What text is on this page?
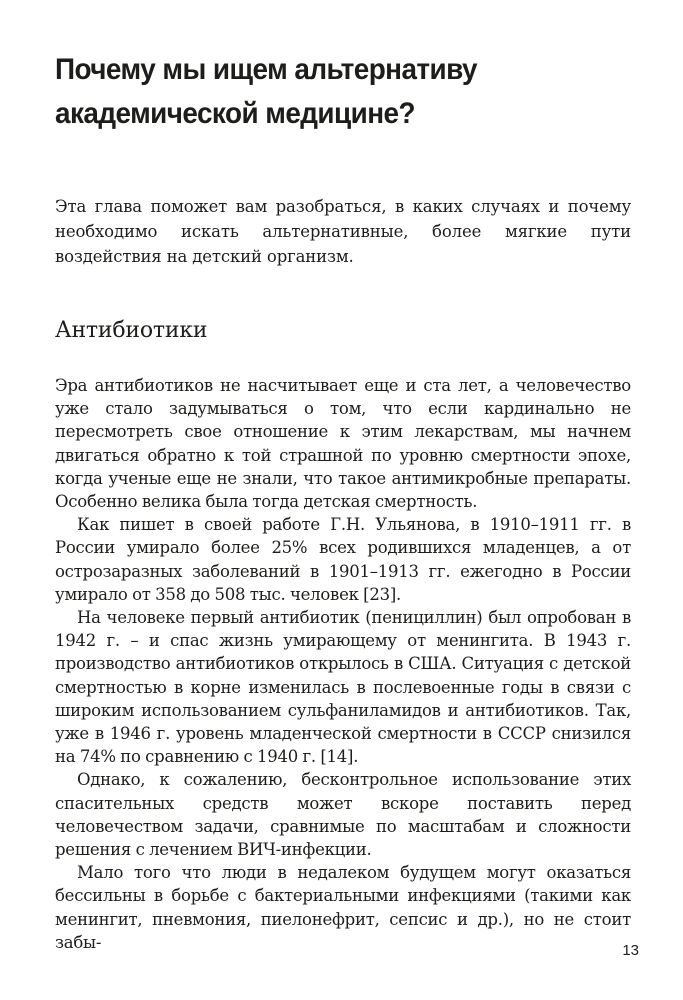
Почему мы ищем альтернативу
академической медицине?

Эта глава поможет вам разобраться, в каких случаях и почему необходимо искать альтернативные, более мягкие пути воздействия на детский организм.

Антибиотики

Эра антибиотиков не насчитывает еще и ста лет, а человечество уже стало задумываться о том, что если кардинально не пересмотреть свое отношение к этим лекарствам, мы начнем двигаться обратно к той страшной по уровню смертности эпохе, когда ученые еще не знали, что такое антимикробные препараты. Особенно велика была тогда детская смертность.

Как пишет в своей работе Г.Н. Ульянова, в 1910–1911 гг. в России умирало более 25% всех родившихся младенцев, а от острозаразных заболеваний в 1901–1913 гг. ежегодно в России умирало от 358 до 508 тыс. человек [23].

На человеке первый антибиотик (пенициллин) был опробован в 1942 г. – и спас жизнь умирающему от менингита. В 1943 г. производство антибиотиков открылось в США. Ситуация с детской смертностью в корне изменилась в послевоенные годы в связи с широким использованием сульфаниламидов и антибиотиков. Так, уже в 1946 г. уровень младенческой смертности в СССР снизился на 74% по сравнению с 1940 г. [14].

Однако, к сожалению, бесконтрольное использование этих спасительных средств может вскоре поставить перед человечеством задачи, сравнимые по масштабам и сложности решения с лечением ВИЧ-инфекции.

Мало того что люди в недалеком будущем могут оказаться бессильны в борьбе с бактериальными инфекциями (такими как менингит, пневмония, пиелонефрит, сепсис и др.), но не стоит забы-	13
